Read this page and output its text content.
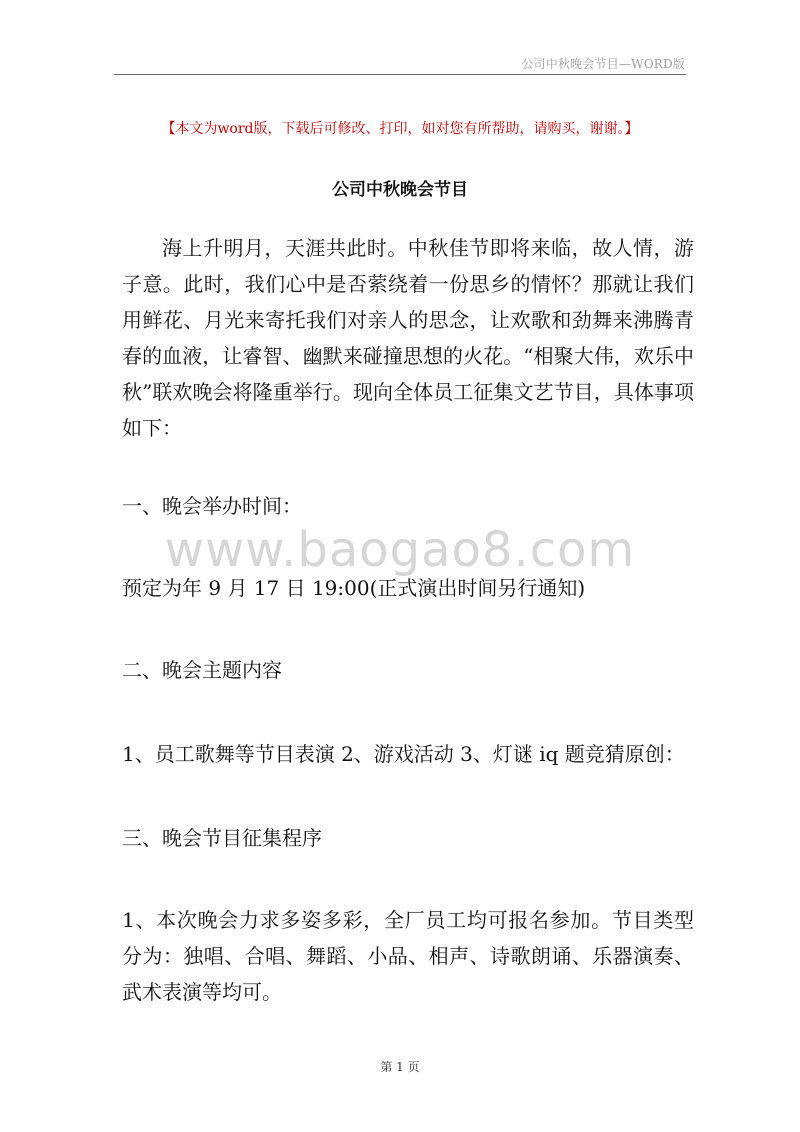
公司中秋晚会节目—WORD版
【本文为word版，下载后可修改、打印，如对您有所帮助，请购买，谢谢。】
公司中秋晚会节目

海上升明月，天涯共此时。中秋佳节即将来临，故人情，游子意。此时，我们心中是否萦绕着一份思乡的情怀？那就让我们用鲜花、月光来寄托我们对亲人的思念，让欢歌和劲舞来沸腾青春的血液，让睿智、幽默来碰撞思想的火花。“相聚大伟，欢乐中秋”联欢晚会将隆重举行。现向全体员工征集文艺节目，具体事项如下：

一、晚会举办时间：

www.baogao8.com

预定为年 9 月 17 日 19:00(正式演出时间另行通知)

二、晚会主题内容

1、员工歌舞等节目表演 2、游戏活动 3、灯谜 iq 题竞猜原创：

三、晚会节目征集程序

1、本次晚会力求多姿多彩，全厂员工均可报名参加。节目类型分为：独唱、合唱、舞蹈、小品、相声、诗歌朗诵、乐器演奏、武术表演等均可。

第 1 页
